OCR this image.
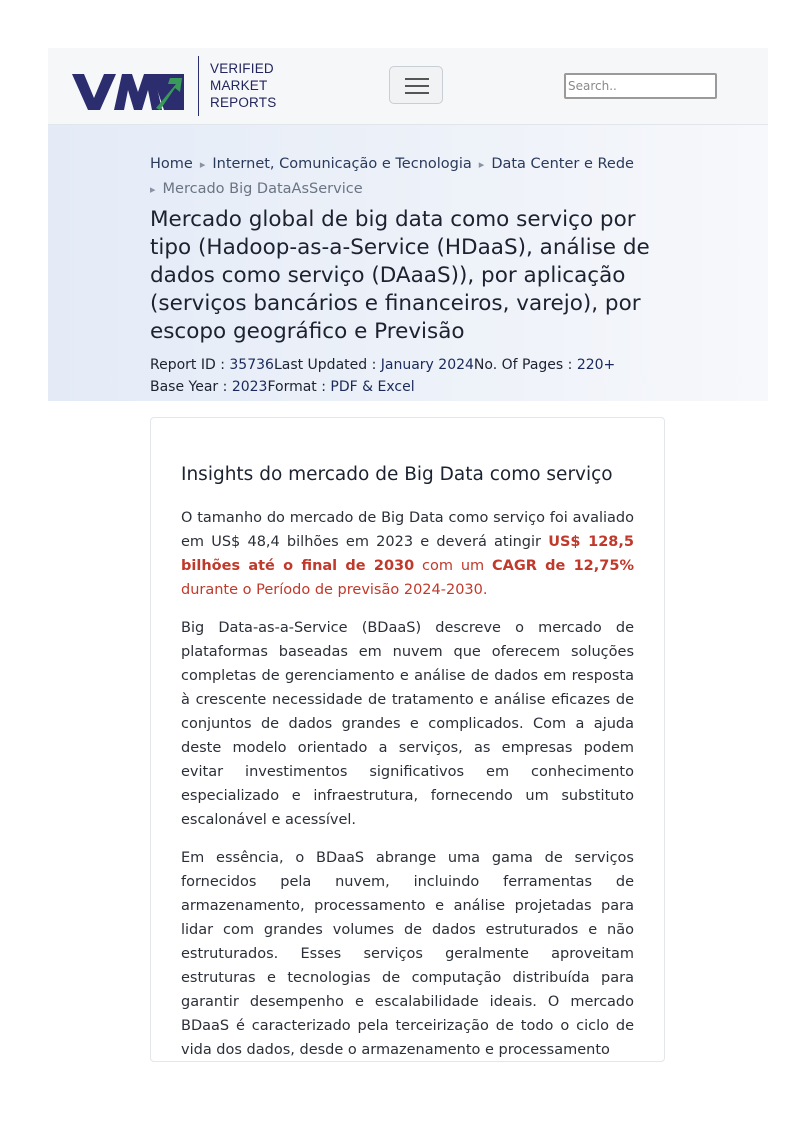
VERIFIED
MARKET
REPORTS
Search..
Home ▸ Internet, Comunicação e Tecnologia ▸ Data Center e Rede
▸ Mercado Big DataAsService
Mercado global de big data como serviço por tipo (Hadoop-as-a-Service (HDaaS), análise de dados como serviço (DAaaS)), por aplicação (serviços bancários e financeiros, varejo), por escopo geográfico e Previsão
Report ID : 35736Last Updated : January 2024No. Of Pages : 220+
Base Year : 2023Format : PDF & Excel
Insights do mercado de Big Data como serviço

O tamanho do mercado de Big Data como serviço foi avaliado em US$ 48,4 bilhões em 2023 e deverá atingir US$ 128,5 bilhões até o final de 2030 com um CAGR de 12,75% durante o Período de previsão 2024-2030.

Big Data-as-a-Service (BDaaS) descreve o mercado de plataformas baseadas em nuvem que oferecem soluções completas de gerenciamento e análise de dados em resposta à crescente necessidade de tratamento e análise eficazes de conjuntos de dados grandes e complicados. Com a ajuda deste modelo orientado a serviços, as empresas podem evitar investimentos significativos em conhecimento especializado e infraestrutura, fornecendo um substituto escalonável e acessível.

Em essência, o BDaaS abrange uma gama de serviços fornecidos pela nuvem, incluindo ferramentas de armazenamento, processamento e análise projetadas para lidar com grandes volumes de dados estruturados e não estruturados. Esses serviços geralmente aproveitam estruturas e tecnologias de computação distribuída para garantir desempenho e escalabilidade ideais. O mercado BDaaS é caracterizado pela terceirização de todo o ciclo de vida dos dados, desde o armazenamento e processamento
